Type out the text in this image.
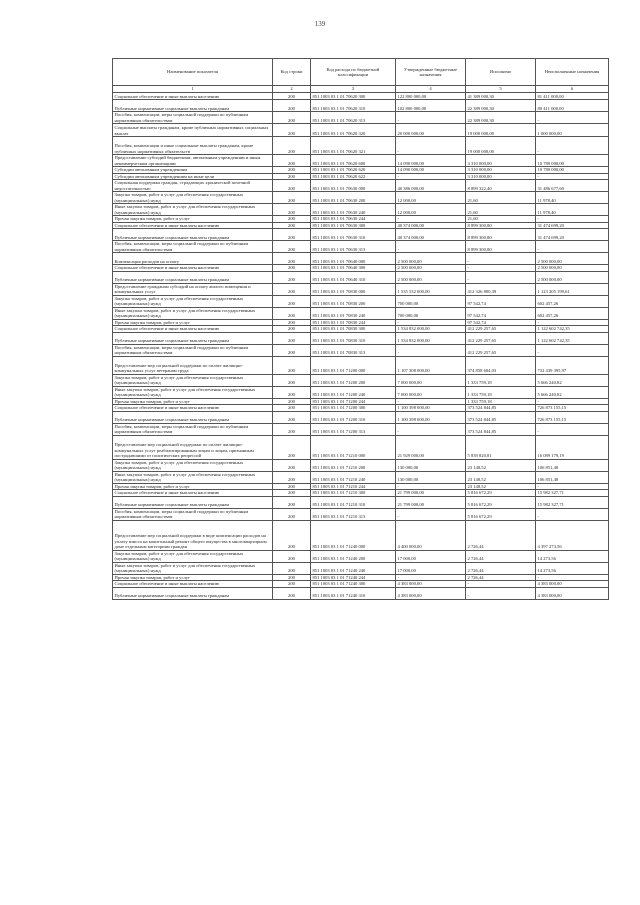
139
Наименование показателя	Код строки	Код расхода по бюджетной классификации	Утвержденные бюджетные назначения	Исполнено	Неисполненные назначения
1	2	3	4	5	6
Социальное обеспечение и иные выплаты населению	200	851 1003 03 1 01 70620 300	122 800 000,00	41 389 000,30	81 411 000,00
Публичные нормативные социальные выплаты гражданам	200	851 1003 03 1 01 70620 310	102 800 000,00	22 389 000,30	80 411 000,00
Пособия, компенсации, меры социальной поддержки по публичным нормативным обязательствам	200	851 1003 03 1 01 70620 313	-	22 389 000,30	-
Социальные выплаты гражданам, кроме публичных нормативных социальных выплат	200	851 1003 03 1 01 70620 320	20 000 000,00	19 000 000,00	1 000 000,00
Пособия, компенсации и иные социальные выплаты гражданам, кроме публичных нормативных обязательств	200	851 1003 03 1 01 70620 321	-	19 000 000,00	-
Предоставление субсидий бюджетным, автономным учреждениям и иным некоммерческим организациям	200	851 1003 03 1 01 70620 600	14 090 000,00	3 310 000,00	10 780 000,00
Субсидии автономным учреждениям	200	851 1003 03 1 01 70620 620	14 090 000,00	3 310 000,00	10 780 000,00
Субсидии автономным учреждениям на иные цели	200	851 1003 03 1 01 70620 622	-	3 310 000,00	-
Социальная поддержка граждан, страдающих хронической почечной недостаточностью	200	851 1003 03 1 01 70630 000	40 386 000,00	8 899 322,40	31 486 677,60
Закупка товаров, работ и услуг для обеспечения государственных (муниципальных) нужд	200	851 1003 03 1 01 70630 200	12 000,00	21,60	11 978,40
Иные закупки товаров, работ и услуг для обеспечения государственных (муниципальных) нужд	200	851 1003 03 1 01 70630 240	12 000,00	21,60	11 978,40
Прочая закупка товаров, работ и услуг	200	851 1003 03 1 01 70630 244	-	21,60	-
Социальное обеспечение и иные выплаты населению	200	851 1003 03 1 01 70630 300	40 374 000,00	8 899 300,80	31 474 699,20
Публичные нормативные социальные выплаты гражданам	200	851 1003 03 1 01 70630 310	40 374 000,00	8 899 300,80	31 474 699,20
Пособия, компенсации, меры социальной поддержки по публичным нормативным обязательствам	200	851 1003 03 1 01 70630 313	-	8 899 300,80	-
Компенсация расходов на оплату	200	851 1003 03 1 01 70640 000	2 500 000,00	-	2 500 000,00
Социальное обеспечение и иные выплаты населению	200	851 1003 03 1 01 70640 300	2 500 000,00	-	2 500 000,00
Публичные нормативные социальные выплаты гражданам	200	851 1003 03 1 01 70640 310	2 500 000,00	-	2 500 000,00
Предоставление гражданам субсидий на оплату жилого помещения и коммунальных услуг	200	851 1003 03 1 01 70830 000	1 535 532 000,00	412 326 800,39	1 123 205 199,61
Закупка товаров, работ и услуг для обеспечения государственных (муниципальных) нужд	200	851 1003 03 1 01 70830 200	700 000,00	97 542,74	602 457,26
Иные закупки товаров, работ и услуг для обеспечения государственных (муниципальных) нужд	200	851 1003 03 1 01 70830 240	700 000,00	97 542,74	602 457,26
Прочая закупка товаров, работ и услуг	200	851 1003 03 1 01 70830 244	-	97 542,74	-
Социальное обеспечение и иные выплаты населению	200	851 1003 03 1 01 70830 300	1 534 832 000,00	412 229 257,65	1 122 602 742,35
Публичные нормативные социальные выплаты гражданам	200	851 1003 03 1 01 70830 310	1 534 832 000,00	412 229 257,65	1 122 602 742,35
Пособия, компенсации, меры социальной поддержки по публичным нормативным обязательствам	200	851 1003 03 1 01 70830 313	-	412 229 257,65	-
Предоставление мер социальной поддержки по оплате жилищно-коммунальных услуг ветеранам труда	200	851 1003 03 1 01 71200 000	1 107 308 000,00	374 858 604,03	732 439 395,97
Закупка товаров, работ и услуг для обеспечения государственных (муниципальных) нужд	200	851 1003 03 1 01 71200 200	7 000 000,00	1 333 759,18	5 666 240,82
Иные закупки товаров, работ и услуг для обеспечения государственных (муниципальных) нужд	200	851 1003 03 1 01 71200 240	7 000 000,00	1 333 759,18	5 666 240,82
Прочая закупка товаров, работ и услуг	200	851 1003 03 1 01 71200 244	-	1 333 759,18	-
Социальное обеспечение и иные выплаты населению	200	851 1003 03 1 01 71200 300	1 100 398 000,00	373 524 844,85	726 873 155,15
Публичные нормативные социальные выплаты гражданам	200	851 1003 03 1 01 71200 310	1 100 398 000,00	373 524 844,85	726 873 155,15
Пособия, компенсации, меры социальной поддержки по публичным нормативным обязательствам	200	851 1003 03 1 01 71200 313	-	373 524 844,85	-
Предоставление мер социальной поддержки по оплате жилищно-коммунальных услуг реабилитированным лицам и лицам, признанным пострадавшими от политических репрессий	200	851 1003 03 1 01 71210 000	21 929 000,00	5 839 820,81	16 089 179,19
Закупка товаров, работ и услуг для обеспечения государственных (муниципальных) нужд	200	851 1003 03 1 01 71210 200	130 000,00	23 148,52	106 851,48
Иные закупки товаров, работ и услуг для обеспечения государственных (муниципальных) нужд	200	851 1003 03 1 01 71210 240	130 000,00	23 148,52	106 851,48
Прочая закупка товаров, работ и услуг	200	851 1003 03 1 01 71210 244	-	23 148,52	-
Социальное обеспечение и иные выплаты населению	200	851 1003 03 1 01 71210 300	21 799 000,00	5 816 672,29	15 982 327,71
Публичные нормативные социальные выплаты гражданам	200	851 1003 03 1 01 71210 310	21 799 000,00	5 816 672,29	15 982 327,71
Пособия, компенсации, меры социальной поддержки по публичным нормативным обязательствам	200	851 1003 03 1 01 71210 313	-	5 816 672,29	-
Предоставление мер социальной поддержки в виде компенсации расходов на уплату взноса на капитальный ремонт общего имущества в многоквартирном доме отдельным категориям граждан	200	851 1003 03 1 01 71240 000	4 400 000,00	2 726,44	4 397 273,56
Закупка товаров, работ и услуг для обеспечения государственных (муниципальных) нужд	200	851 1003 03 1 01 71240 200	17 000,00	2 726,44	14 273,56
Иные закупки товаров, работ и услуг для обеспечения государственных (муниципальных) нужд	200	851 1003 03 1 01 71240 240	17 000,00	2 726,44	14 273,56
Прочая закупка товаров, работ и услуг	200	851 1003 03 1 01 71240 244	-	2 726,44	-
Социальное обеспечение и иные выплаты населению	200	851 1003 03 1 01 71240 300	4 383 000,00	-	4 383 000,00
Публичные нормативные социальные выплаты гражданам	200	851 1003 03 1 01 71240 310	4 383 000,00	-	4 383 000,00
